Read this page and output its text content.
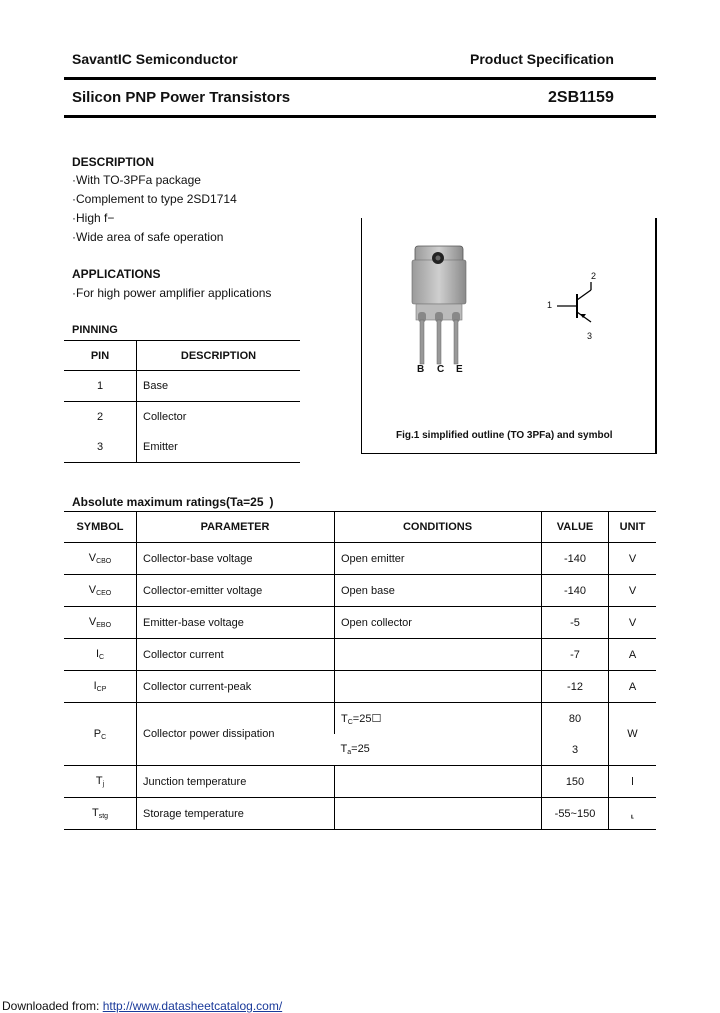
SavantIC Semiconductor	Product Specification
Silicon PNP Power Transistors	2SB1159
DESCRIPTION
·With TO-3PFa package
·Complement to type 2SD1714
·High f−
·Wide area of safe operation
APPLICATIONS
·For high power amplifier applications
PINNING
PIN	DESCRIPTION
1	Base
2	Collector
3	Emitter
B C E
2
1
3
Fig.1 simplified outline (TO 3PFa) and symbol
Absolute maximum ratings(Ta=25 )
SYMBOL	PARAMETER	CONDITIONS	VALUE	UNIT
$V_{CBO}$	Collector-base voltage	Open emitter	-140	V
$V_{CEO}$	Collector-emitter voltage	Open base	-140	V
$V_{EBO}$	Emitter-base voltage	Open collector	-5	V
$I_C$	Collector current		-7	A
$I_{CP}$	Collector current-peak		-12	A
$P_C$	Collector power dissipation	$T_C=25☐$	80	W
		$T_a=25$	3	
$T_j$	Junction temperature		150	l
$T_{stg}$	Storage temperature		-55~150	⸤
Downloaded from: http://www.datasheetcatalog.com/
